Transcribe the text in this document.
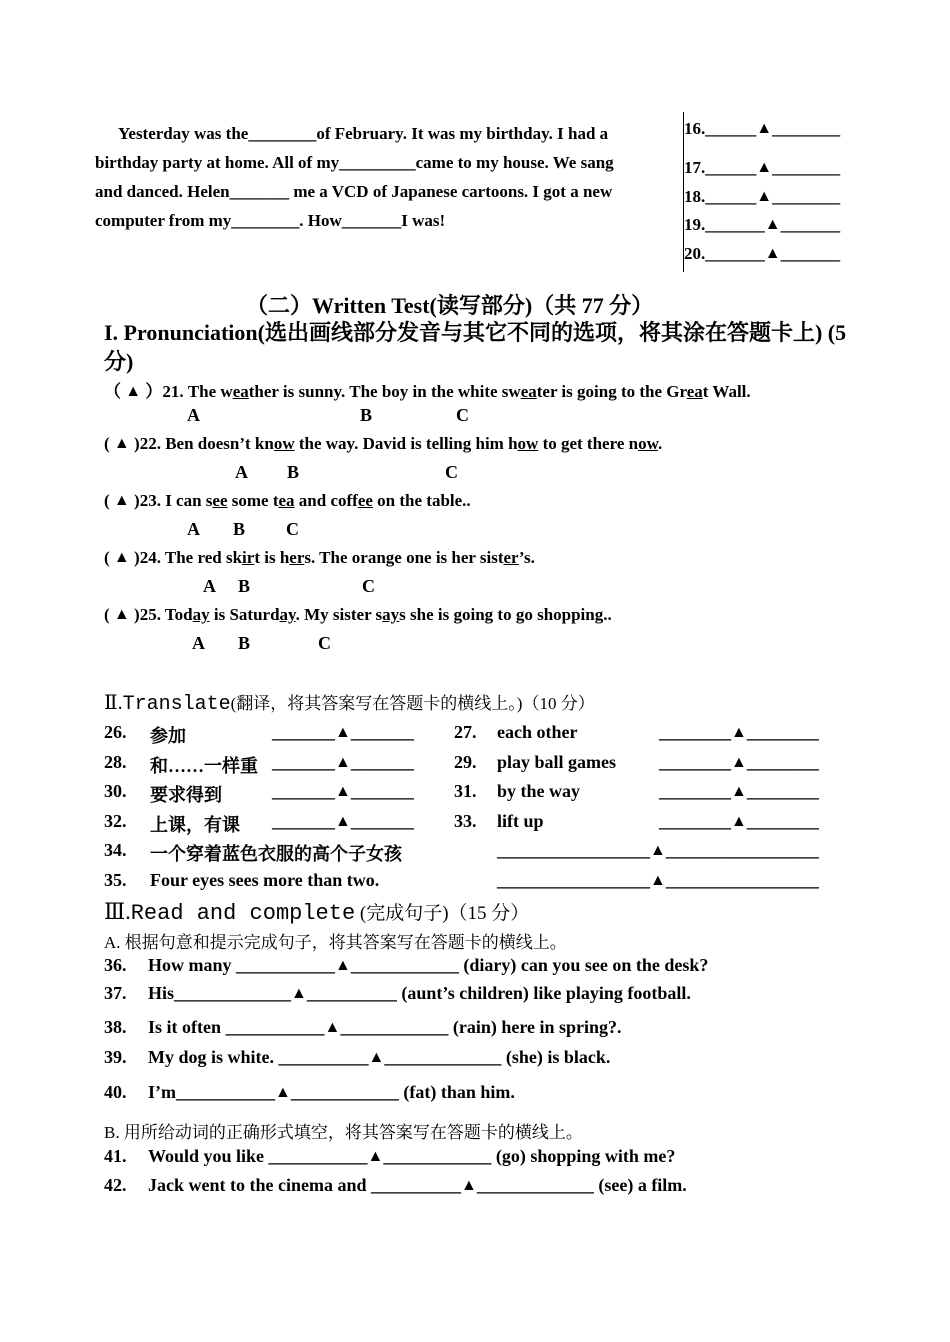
Yesterday was the________of February. It was my birthday. I had a

birthday party at home. All of my_________came to my house. We sang

and danced. Helen_______ me a VCD of Japanese cartoons. I got a new

computer from my________. How_______I was!

16.______▲________
17.______▲________
18.______▲________
19._______▲_______
20._______▲_______
（二）Written Test(读写部分)（共 77 分）
I. Pronunciation(选出画线部分发音与其它不同的选项，将其涂在答题卡上) (5 分)
（ ▲ ）21. The weather is sunny. The boy in the white sweater is going to the Great Wall.
A	B	C
( ▲ )22. Ben doesn’t know the way. David is telling him how to get there now.
A B	C
( ▲ )23. I can see some tea and coffee on the table..
A B C
( ▲ )24. The red skirt is hers. The orange one is her sister’s.
A B	C
( ▲ )25. Today is Saturday. My sister says she is going to go shopping..
A B	C
Ⅱ.Translate(翻译，将其答案写在答题卡的横线上。)（10 分）
26. 参加	_______▲_______ 27. each other	________▲________
28. 和……一样重 _______▲_______ 29. play ball games ________▲________
30. 要求得到	_______▲_______ 31. by the way	________▲________
32. 上课，有课 _______▲_______ 33. lift up	________▲________
34. 一个穿着蓝色衣服的高个子女孩	_________________▲_________________
35. Four eyes sees more than two.	_________________▲_________________
Ⅲ.Read and complete (完成句子)（15 分）
A. 根据句意和提示完成句子，将其答案写在答题卡的横线上。
36. How many ___________▲____________ (diary) can you see on the desk?
37. His_____________▲__________ (aunt’s children) like playing football.
38. Is it often ___________▲____________ (rain) here in spring?.
39. My dog is white. __________▲_____________ (she) is black.
40. I’m___________▲____________ (fat) than him.
B. 用所给动词的正确形式填空，将其答案写在答题卡的横线上。
41. Would you like ___________▲____________ (go) shopping with me?
42. Jack went to the cinema and __________▲_____________ (see) a film.
